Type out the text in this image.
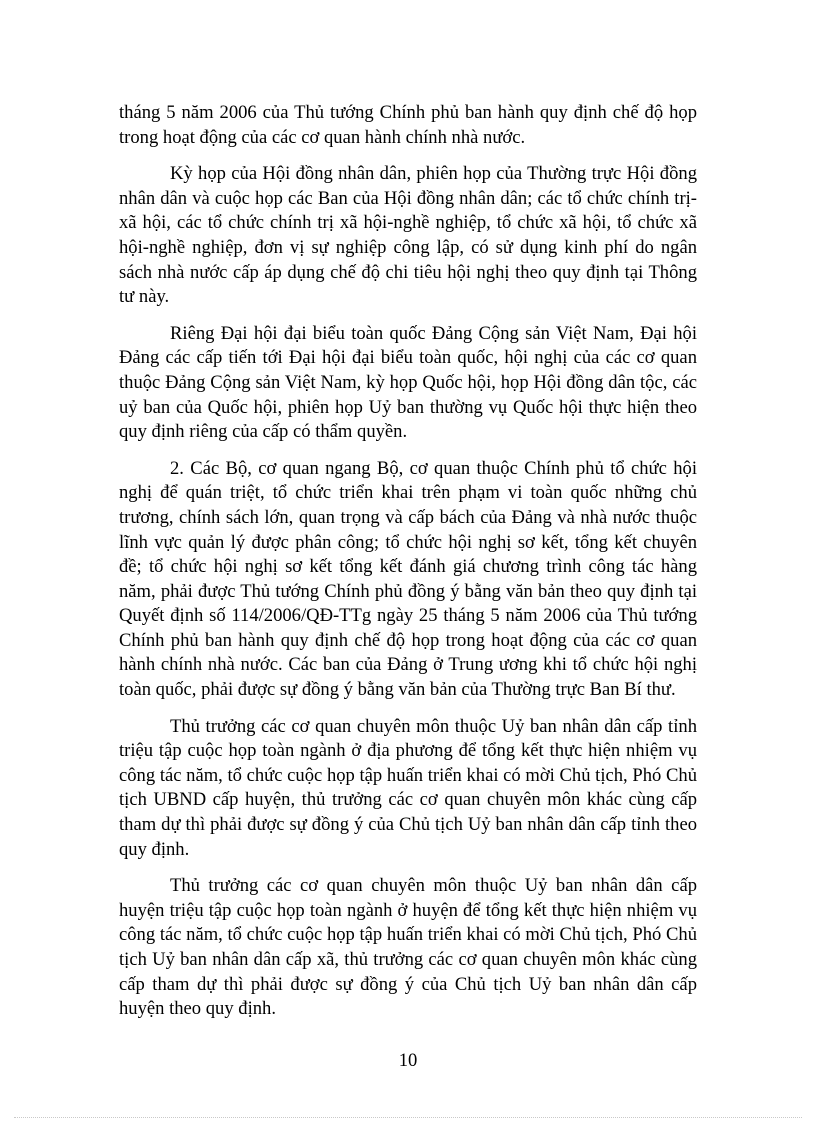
tháng 5 năm 2006 của Thủ tướng Chính phủ ban hành quy định chế độ họp trong hoạt động của các cơ quan hành chính nhà nước.

Kỳ họp của Hội đồng nhân dân, phiên họp của Thường trực Hội đồng nhân dân và cuộc họp các Ban của Hội đồng nhân dân; các tổ chức chính trị-xã hội, các tổ chức chính trị xã hội-nghề nghiệp, tổ chức xã hội, tổ chức xã hội-nghề nghiệp, đơn vị sự nghiệp công lập, có sử dụng kinh phí do ngân sách nhà nước cấp áp dụng chế độ chi tiêu hội nghị theo quy định tại Thông tư này.

Riêng Đại hội đại biểu toàn quốc Đảng Cộng sản Việt Nam, Đại hội Đảng các cấp tiến tới Đại hội đại biểu toàn quốc, hội nghị của các cơ quan thuộc Đảng Cộng sản Việt Nam, kỳ họp Quốc hội, họp Hội đồng dân tộc, các uỷ ban của Quốc hội, phiên họp Uỷ ban thường vụ Quốc hội thực hiện theo quy định riêng của cấp có thẩm quyền.

2. Các Bộ, cơ quan ngang Bộ, cơ quan thuộc Chính phủ tổ chức hội nghị để quán triệt, tổ chức triển khai trên phạm vi toàn quốc những chủ trương, chính sách lớn, quan trọng và cấp bách của Đảng và nhà nước thuộc lĩnh vực quản lý được phân công; tổ chức hội nghị sơ kết, tổng kết chuyên đề; tổ chức hội nghị sơ kết tổng kết đánh giá chương trình công tác hàng năm, phải được Thủ tướng Chính phủ đồng ý bằng văn bản theo quy định tại Quyết định số 114/2006/QĐ-TTg ngày 25 tháng 5 năm 2006 của Thủ tướng Chính phủ ban hành quy định chế độ họp trong hoạt động của các cơ quan hành chính nhà nước. Các ban của Đảng ở Trung ương khi tổ chức hội nghị toàn quốc, phải được sự đồng ý bằng văn bản của Thường trực Ban Bí thư.

Thủ trưởng các cơ quan chuyên môn thuộc Uỷ ban nhân dân cấp tỉnh triệu tập cuộc họp toàn ngành ở địa phương để tổng kết thực hiện nhiệm vụ công tác năm, tổ chức cuộc họp tập huấn triển khai có mời Chủ tịch, Phó Chủ tịch UBND cấp huyện, thủ trưởng các cơ quan chuyên môn khác cùng cấp tham dự thì phải được sự đồng ý của Chủ tịch Uỷ ban nhân dân cấp tỉnh theo quy định.

Thủ trưởng các cơ quan chuyên môn thuộc Uỷ ban nhân dân cấp huyện triệu tập cuộc họp toàn ngành ở huyện để tổng kết thực hiện nhiệm vụ công tác năm, tổ chức cuộc họp tập huấn triển khai có mời Chủ tịch, Phó Chủ tịch Uỷ ban nhân dân cấp xã, thủ trưởng các cơ quan chuyên môn khác cùng cấp tham dự thì phải được sự đồng ý của Chủ tịch Uỷ ban nhân dân cấp huyện theo quy định.

10
